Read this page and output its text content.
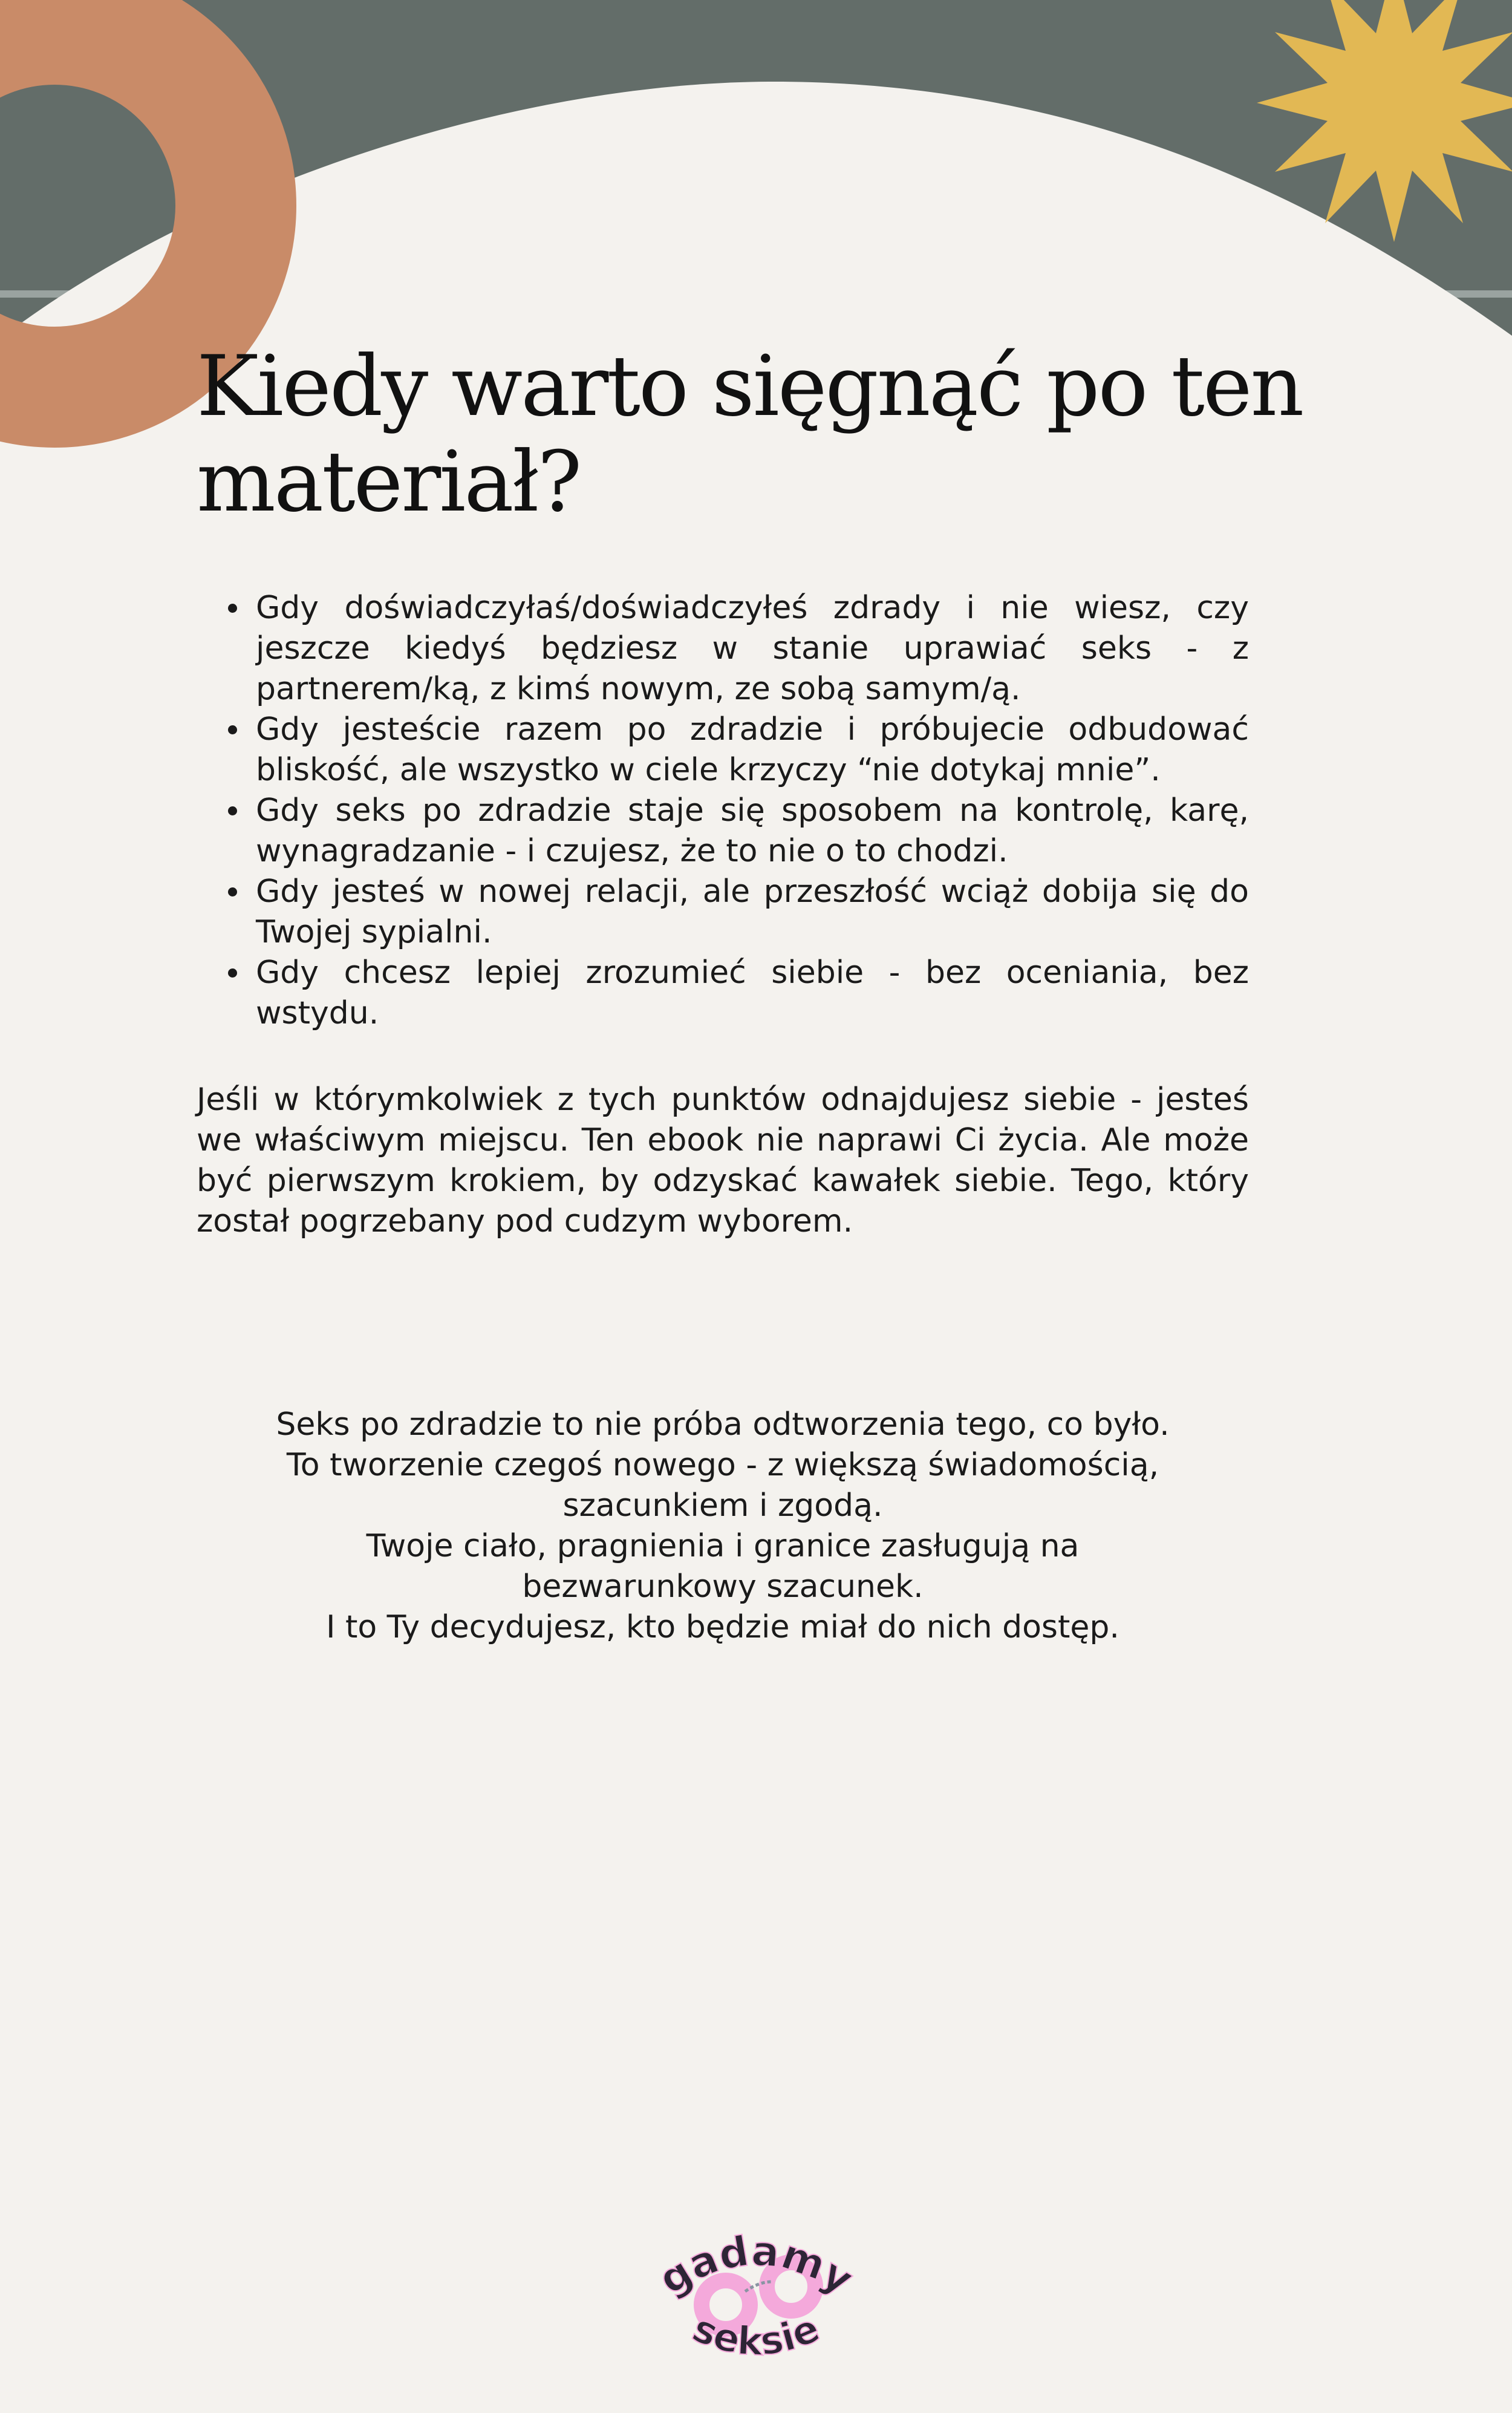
Kiedy warto sięgnąć po ten
materiał?
Gdy doświadczyłaś/doświadczyłeś zdrady i nie wiesz, czy jeszcze kiedyś będziesz w stanie uprawiać seks - z partnerem/ką, z kimś nowym, ze sobą samym/ą.
Gdy jesteście razem po zdradzie i próbujecie odbudować bliskość, ale wszystko w ciele krzyczy “nie dotykaj mnie”.
Gdy seks po zdradzie staje się sposobem na kontrolę, karę, wynagradzanie - i czujesz, że to nie o to chodzi.
Gdy jesteś w nowej relacji, ale przeszłość wciąż dobija się do Twojej sypialni.
Gdy chcesz lepiej zrozumieć siebie - bez oceniania, bez wstydu.

Jeśli w którymkolwiek z tych punktów odnajdujesz siebie - jesteś we właściwym miejscu. Ten ebook nie naprawi Ci życia. Ale może być pierwszym krokiem, by odzyskać kawałek siebie. Tego, który został pogrzebany pod cudzym wyborem.

Seks po zdradzie to nie próba odtworzenia tego, co było.
To tworzenie czegoś nowego - z większą świadomością,
szacunkiem i zgodą.
Twoje ciało, pragnienia i granice zasługują na
bezwarunkowy szacunek.
I to Ty decydujesz, kto będzie miał do nich dostęp.
gadamy
seksie
